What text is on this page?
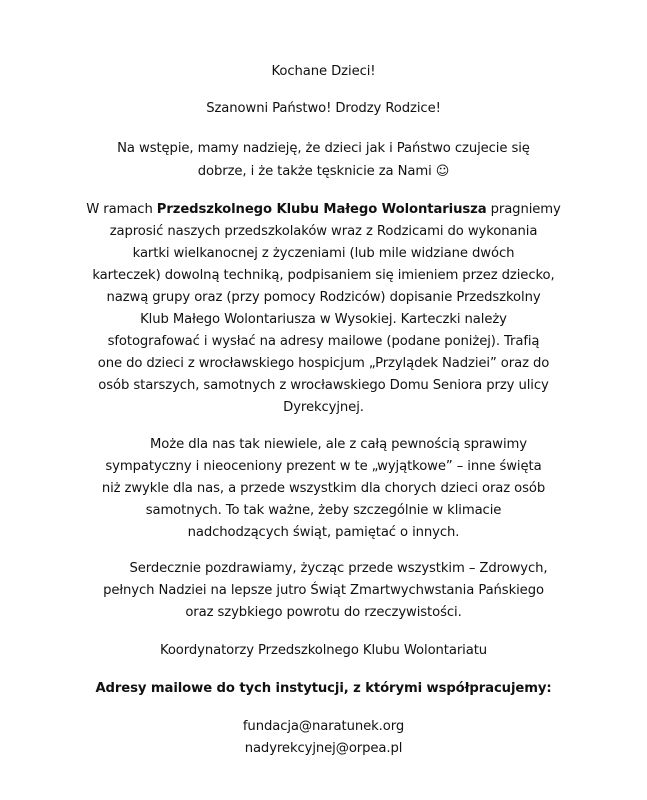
Kochane Dzieci!
Szanowni Państwo! Drodzy Rodzice!
Na wstępie, mamy nadzieję, że dzieci jak i Państwo czujecie się
dobrze, i że także tęsknicie za Nami ☺
W ramach Przedszkolnego Klubu Małego Wolontariusza pragniemy
zaprosić naszych przedszkolaków wraz z Rodzicami do wykonania
kartki wielkanocnej z życzeniami (lub mile widziane dwóch
karteczek) dowolną techniką, podpisaniem się imieniem przez dziecko,
nazwą grupy oraz (przy pomocy Rodziców) dopisanie Przedszkolny
Klub Małego Wolontariusza w Wysokiej. Karteczki należy
sfotografować i wysłać na adresy mailowe (podane poniżej). Trafią
one do dzieci z wrocławskiego hospicjum „Przylądek Nadziei” oraz do
osób starszych, samotnych z wrocławskiego Domu Seniora przy ulicy
Dyrekcyjnej.
Może dla nas tak niewiele, ale z całą pewnością sprawimy
sympatyczny i nieoceniony prezent w te „wyjątkowe” – inne święta
niż zwykle dla nas, a przede wszystkim dla chorych dzieci oraz osób
samotnych. To tak ważne, żeby szczególnie w klimacie
nadchodzących świąt, pamiętać o innych.
Serdecznie pozdrawiamy, życząc przede wszystkim – Zdrowych,
pełnych Nadziei na lepsze jutro Świąt Zmartwychwstania Pańskiego
oraz szybkiego powrotu do rzeczywistości.
Koordynatorzy Przedszkolnego Klubu Wolontariatu
Adresy mailowe do tych instytucji, z którymi współpracujemy:
fundacja@naratunek.org
nadyrekcyjnej@orpea.pl
